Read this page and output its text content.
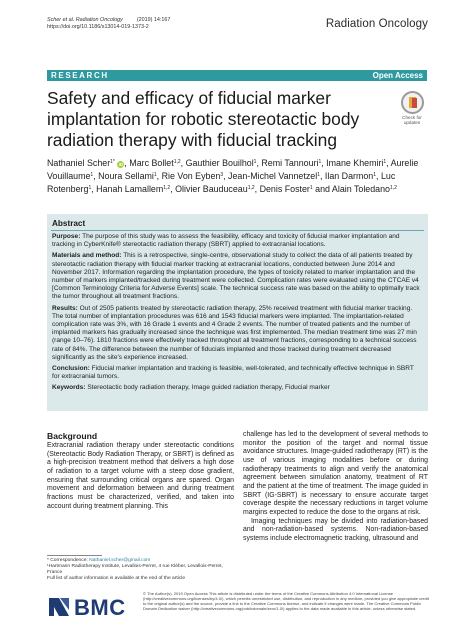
Scher et al. Radiation Oncology	(2019) 14:167
https://doi.org/10.1186/s13014-019-1373-2	Radiation Oncology
RESEARCH	Open Access
Safety and efficacy of fiducial marker implantation for robotic stereotactic body radiation therapy with fiducial tracking
Check for
updates
Nathaniel Scher$^{1*}$ iD, Marc Bollet$^{1,2}$, Gauthier Bouilhol$^1$, Remi Tannouri$^1$, Imane Khemiri$^1$, Aurelie Vouillaume$^1$, Noura Sellami$^1$, Rie Von Eyben$^3$, Jean-Michel Vannetzel$^1$, Ilan Darmon$^1$, Luc Rotenberg$^1$, Hanah Lamallem$^{1,2}$, Olivier Bauduceau$^{1,2}$, Denis Foster$^1$ and Alain Toledano$^{1,2}$
Abstract

Purpose: The purpose of this study was to assess the feasibility, efficacy and toxicity of fiducial marker implantation and tracking in CyberKnife® stereotactic radiation therapy (SBRT) applied to extracranial locations.

Materials and method: This is a retrospective, single-centre, observational study to collect the data of all patients treated by stereotactic radiation therapy with fiducial marker tracking at extracranial locations, conducted between June 2014 and November 2017. Information regarding the implantation procedure, the types of toxicity related to marker implantation and the number of markers implanted/tracked during treatment were collected. Complication rates were evaluated using the CTCAE v4 [Common Terminology Criteria for Adverse Events] scale. The technical success rate was based on the ability to optimally track the tumor throughout all treatment fractions.

Results: Out of 2505 patients treated by stereotactic radiation therapy, 25% received treatment with fiducial marker tracking. The total number of implantation procedures was 616 and 1543 fiducial markers were implanted. The implantation-related complication rate was 3%, with 16 Grade 1 events and 4 Grade 2 events. The number of treated patients and the number of implanted markers has gradually increased since the technique was first implemented. The median treatment time was 27 min (range 10–76). 1810 fractions were effectively tracked throughout all treatment fractions, corresponding to a technical success rate of 84%. The difference between the number of fiducials implanted and those tracked during treatment decreased significantly as the site's experience increased.

Conclusion: Fiducial marker implantation and tracking is feasible, well-tolerated, and technically effective technique in SBRT for extracranial tumors.

Keywords: Stereotactic body radiation therapy, Image guided radiation therapy, Fiducial marker

Background
Extracranial radiation therapy under stereotactic conditions (Stereotactic Body Radiation Therapy, or SBRT) is defined as a high-precision treatment method that delivers a high dose of radiation to a target volume with a steep dose gradient, ensuring that surrounding critical organs are spared. Organ movement and deformation between and during treatment fractions must be characterized, verified, and taken into account during treatment planning. This

challenge has led to the development of several methods to monitor the position of the target and normal tissue avoidance structures. Image-guided radiotherapy (RT) is the use of various imaging modalities before or during radiotherapy treatments to align and verify the anatomical agreement between simulation anatomy, treatment of RT and the patient at the time of treatment. The image guided in SBRT (IG-SBRT) is necessary to ensure accurate target coverage despite the necessary reductions in target volume margins expected to reduce the dose to the organs at risk.

Imaging techniques may be divided into radiation-based and non-radiation-based systems. Non-radiation-based systems include electromagnetic tracking, ultrasound and

* Correspondence: Nathaniel.scher@gmail.com
¹Hartmann Radiotherapy Institute, Levallois-Perret, 4 rue Kléber, Levallois-Perret, France
Full list of author information is available at the end of the article
BMC
© The Author(s). 2019 Open Access This article is distributed under the terms of the Creative Commons Attribution 4.0 International License (http://creativecommons.org/licenses/by/4.0/), which permits unrestricted use, distribution, and reproduction in any medium, provided you give appropriate credit to the original author(s) and the source, provide a link to the Creative Commons license, and indicate if changes were made. The Creative Commons Public Domain Dedication waiver (http://creativecommons.org/publicdomain/zero/1.0/) applies to the data made available in this article, unless otherwise stated.
